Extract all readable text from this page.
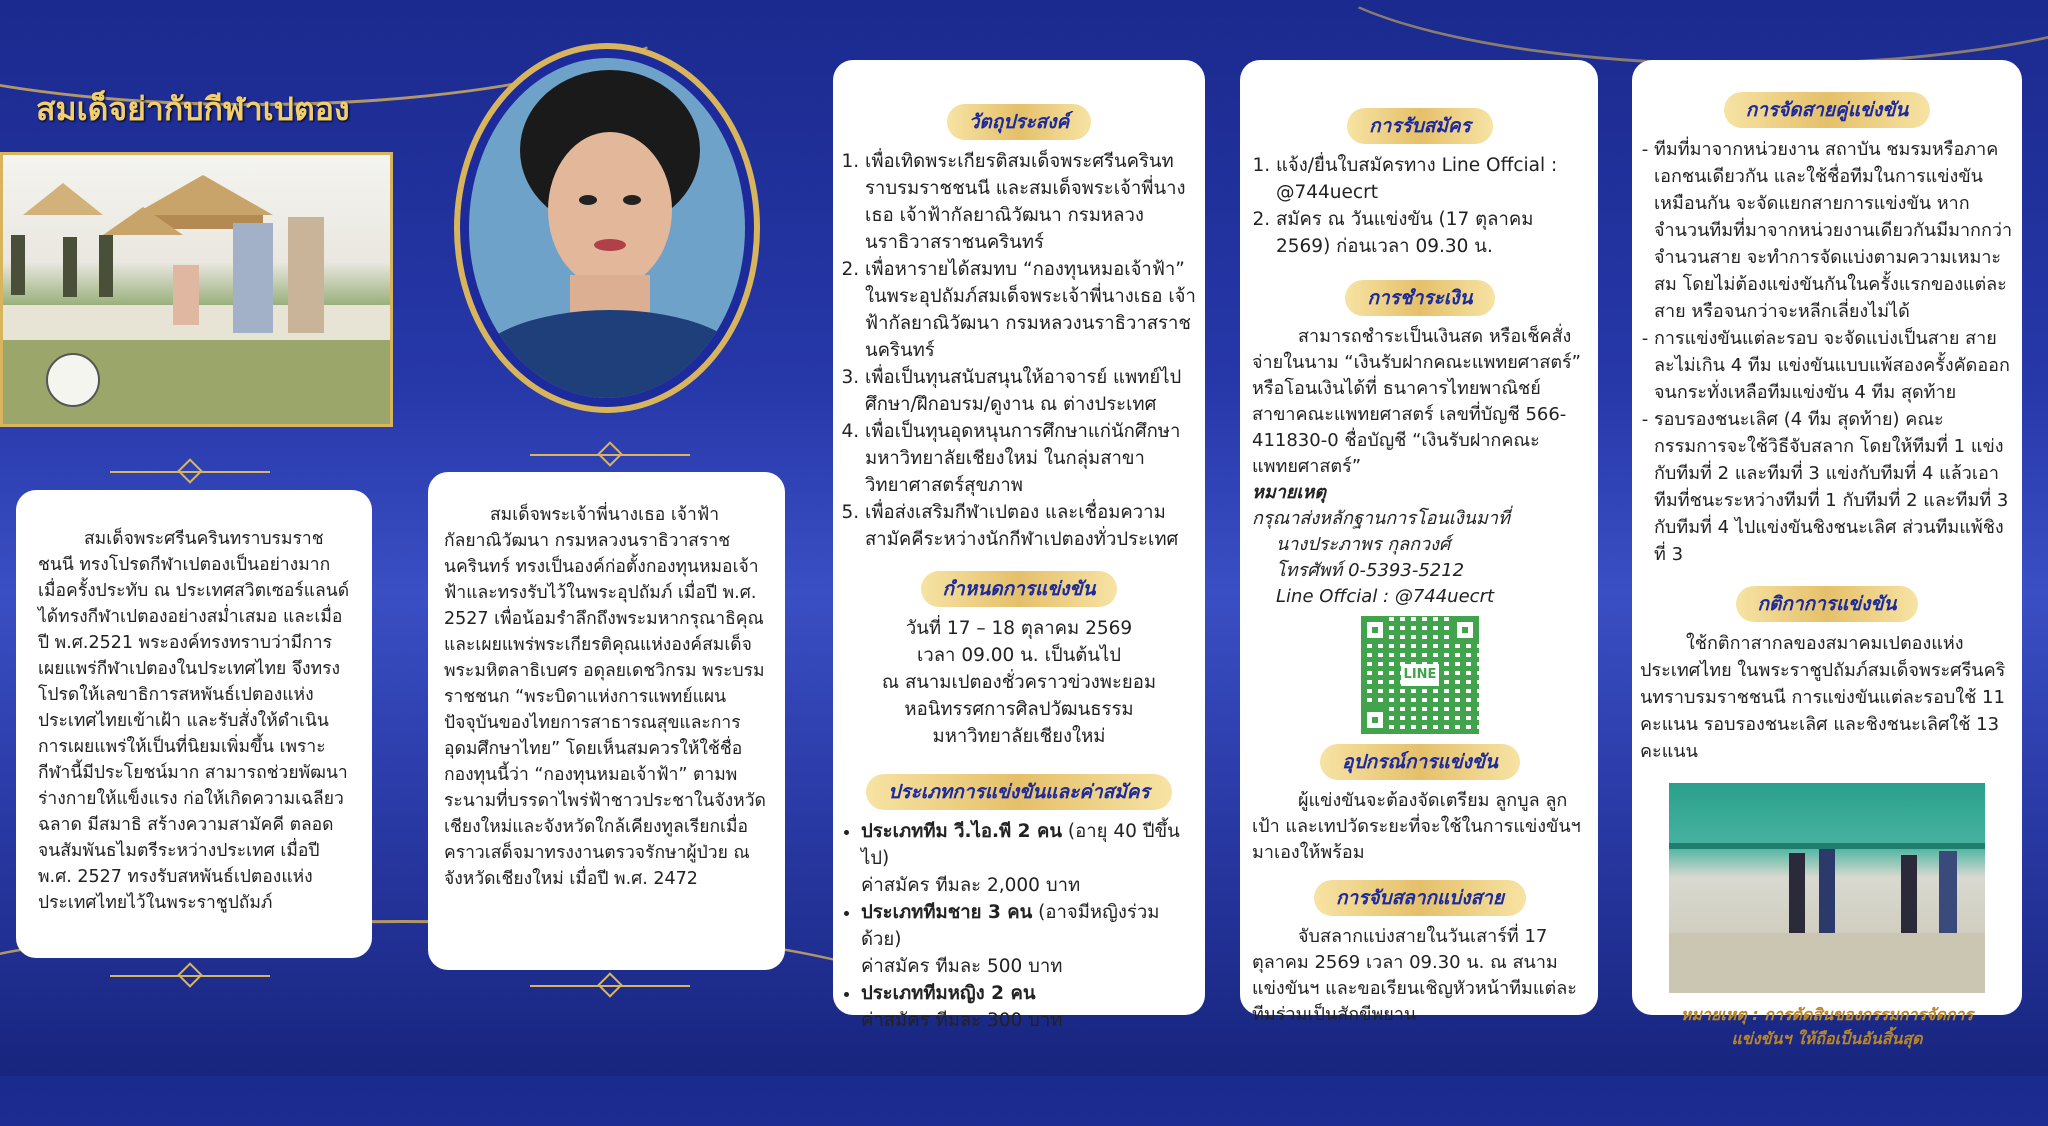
สมเด็จย่ากับกีฬาเปตอง

สมเด็จพระศรีนครินทราบรมราชชนนี ทรงโปรดกีฬาเปตองเป็นอย่างมาก เมื่อครั้งประทับ ณ ประเทศสวิตเซอร์แลนด์ ได้ทรงกีฬาเปตองอย่างสม่ำเสมอ และเมื่อ ปี พ.ศ.2521 พระองค์ทรงทราบว่ามีการเผยแพร่กีฬาเปตองในประเทศไทย จึงทรงโปรดให้เลขาธิการสหพันธ์เปตองแห่งประเทศไทยเข้าเฝ้า และรับสั่งให้ดำเนินการเผยแพร่ให้เป็นที่นิยมเพิ่มขึ้น เพราะกีฬานี้มีประโยชน์มาก สามารถช่วยพัฒนาร่างกายให้แข็งแรง ก่อให้เกิดความเฉลียวฉลาด มีสมาธิ สร้างความสามัคคี ตลอดจนสัมพันธไมตรีระหว่างประเทศ เมื่อปี พ.ศ. 2527 ทรงรับสหพันธ์เปตองแห่งประเทศไทยไว้ในพระราชูปถัมภ์

สมเด็จพระเจ้าพี่นางเธอ เจ้าฟ้ากัลยาณิวัฒนา กรมหลวงนราธิวาสราชนครินทร์ ทรงเป็นองค์ก่อตั้งกองทุนหมอเจ้าฟ้าและทรงรับไว้ในพระอุปถัมภ์ เมื่อปี พ.ศ. 2527 เพื่อน้อมรำลึกถึงพระมหากรุณาธิคุณและเผยแพร่พระเกียรติคุณแห่งองค์สมเด็จพระมหิตลาธิเบศร อดุลยเดชวิกรม พระบรมราชชนก “พระบิดาแห่งการแพทย์แผนปัจจุบันของไทยการสาธารณสุขและการอุดมศึกษาไทย” โดยเห็นสมควรให้ใช้ชื่อกองทุนนี้ว่า “กองทุนหมอเจ้าฟ้า” ตามพระนามที่บรรดาไพร่ฟ้าชาวประชาในจังหวัดเชียงใหม่และจังหวัดใกล้เคียงทูลเรียกเมื่อคราวเสด็จมาทรงงานตรวจรักษาผู้ป่วย ณ จังหวัดเชียงใหม่ เมื่อปี พ.ศ. 2472

วัตถุประสงค์
1. เพื่อเทิดพระเกียรติสมเด็จพระศรีนครินทราบรมราชชนนี และสมเด็จพระเจ้าพี่นางเธอ เจ้าฟ้ากัลยาณิวัฒนา กรมหลวงนราธิวาสราชนครินทร์
2. เพื่อหารายได้สมทบ “กองทุนหมอเจ้าฟ้า” ในพระอุปถัมภ์สมเด็จพระเจ้าพี่นางเธอ เจ้าฟ้ากัลยาณิวัฒนา กรมหลวงนราธิวาสราชนครินทร์
3. เพื่อเป็นทุนสนับสนุนให้อาจารย์ แพทย์ไปศึกษา/ฝึกอบรม/ดูงาน ณ ต่างประเทศ
4. เพื่อเป็นทุนอุดหนุนการศึกษาแก่นักศึกษามหาวิทยาลัยเชียงใหม่ ในกลุ่มสาขาวิทยาศาสตร์สุขภาพ
5. เพื่อส่งเสริมกีฬาเปตอง และเชื่อมความสามัคคีระหว่างนักกีฬาเปตองทั่วประเทศ
กำหนดการแข่งขัน
วันที่ 17 – 18 ตุลาคม 2569
เวลา 09.00 น. เป็นต้นไป
ณ สนามเปตองชั่วคราวข่วงพะยอม
หอนิทรรศการศิลปวัฒนธรรม
มหาวิทยาลัยเชียงใหม่
ประเภทการแข่งขันและค่าสมัคร
• ประเภททีม วี.ไอ.พี 2 คน (อายุ 40 ปีขึ้นไป)
ค่าสมัคร ทีมละ 2,000 บาท
• ประเภททีมชาย 3 คน (อาจมีหญิงร่วมด้วย)
ค่าสมัคร ทีมละ 500 บาท
• ประเภททีมหญิง 2 คน
ค่าสมัคร ทีมละ 300 บาท
การรับสมัคร
1. แจ้ง/ยื่นใบสมัครทาง Line Offcial : @744uecrt
2. สมัคร ณ วันแข่งขัน (17 ตุลาคม 2569) ก่อนเวลา 09.30 น.
การชำระเงิน

สามารถชำระเป็นเงินสด หรือเช็คสั่งจ่ายในนาม “เงินรับฝากคณะแพทยศาสตร์” หรือโอนเงินได้ที่ ธนาคารไทยพาณิชย์ สาขาคณะแพทยศาสตร์ เลขที่บัญชี 566-411830-0 ชื่อบัญชี “เงินรับฝากคณะแพทยศาสตร์”

หมายเหตุ
กรุณาส่งหลักฐานการโอนเงินมาที่
นางประภาพร กุลกวงศ์
โทรศัพท์ 0-5393-5212
Line Offcial : @744uecrt
LINE
อุปกรณ์การแข่งขัน

ผู้แข่งขันจะต้องจัดเตรียม ลูกบูล ลูกเป้า และเทปวัดระยะที่จะใช้ในการแข่งขันฯ มาเองให้พร้อม

การจับสลากแบ่งสาย

จับสลากแบ่งสายในวันเสาร์ที่ 17 ตุลาคม 2569 เวลา 09.30 น. ณ สนามแข่งขันฯ และขอเรียนเชิญหัวหน้าทีมแต่ละทีมร่วมเป็นสักขีพยาน

การจัดสายคู่แข่งขัน
- ทีมที่มาจากหน่วยงาน สถาบัน ชมรมหรือภาคเอกชนเดียวกัน และใช้ชื่อทีมในการแข่งขันเหมือนกัน จะจัดแยกสายการแข่งขัน หากจำนวนทีมที่มาจากหน่วยงานเดียวกันมีมากกว่าจำนวนสาย จะทำการจัดแบ่งตามความเหมาะสม โดยไม่ต้องแข่งขันกันในครั้งแรกของแต่ละสาย หรือจนกว่าจะหลีกเลี่ยงไม่ได้
- การแข่งขันแต่ละรอบ จะจัดแบ่งเป็นสาย สายละไม่เกิน 4 ทีม แข่งขันแบบแพ้สองครั้งคัดออกจนกระทั่งเหลือทีมแข่งขัน 4 ทีม สุดท้าย
- รอบรองชนะเลิศ (4 ทีม สุดท้าย) คณะกรรมการจะใช้วิธีจับสลาก โดยให้ทีมที่ 1 แข่งกับทีมที่ 2 และทีมที่ 3 แข่งกับทีมที่ 4 แล้วเอาทีมที่ชนะระหว่างทีมที่ 1 กับทีมที่ 2 และทีมที่ 3 กับทีมที่ 4 ไปแข่งขันชิงชนะเลิศ ส่วนทีมแพ้ชิงที่ 3
กติกาการแข่งขัน

ใช้กติกาสากลของสมาคมเปตองแห่งประเทศไทย ในพระราชูปถัมภ์สมเด็จพระศรีนครินทราบรมราชชนนี การแข่งขันแต่ละรอบใช้ 11 คะแนน รอบรองชนะเลิศ และชิงชนะเลิศใช้ 13 คะแนน

หมายเหตุ : การตัดสินของกรรมการจัดการแข่งขันฯ ให้ถือเป็นอันสิ้นสุด
